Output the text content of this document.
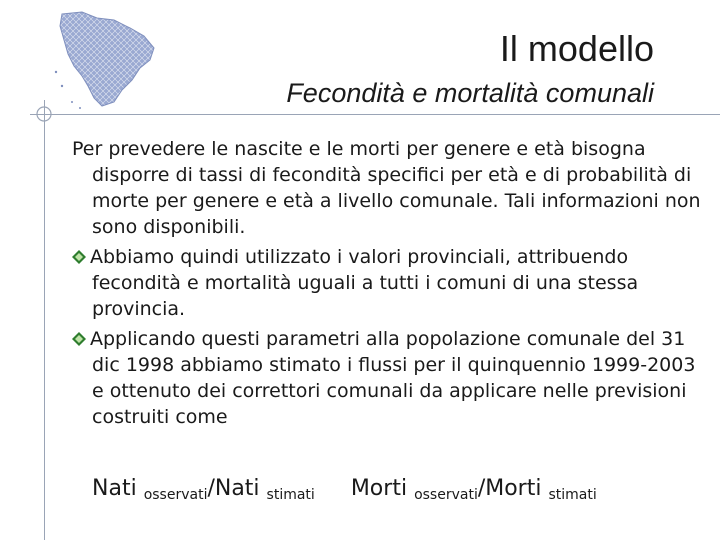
Il modello
Fecondità e mortalità comunali

Per prevedere le nascite e le morti per genere e età bisogna disporre di tassi di fecondità specifici per età e di probabilità di morte per genere e età a livello comunale. Tali informazioni non sono disponibili.

Abbiamo quindi utilizzato i valori provinciali, attribuendo fecondità e mortalità uguali a tutti i comuni di una stessa provincia.

Applicando questi parametri alla popolazione comunale del 31 dic 1998 abbiamo stimato i flussi per il quinquennio 1999-2003 e ottenuto dei correttori comunali da applicare nelle previsioni costruiti come

Nati $_{osservati}$/Nati $_{stimati}$ Morti $_{osservati}$/Morti $_{stimati}$
